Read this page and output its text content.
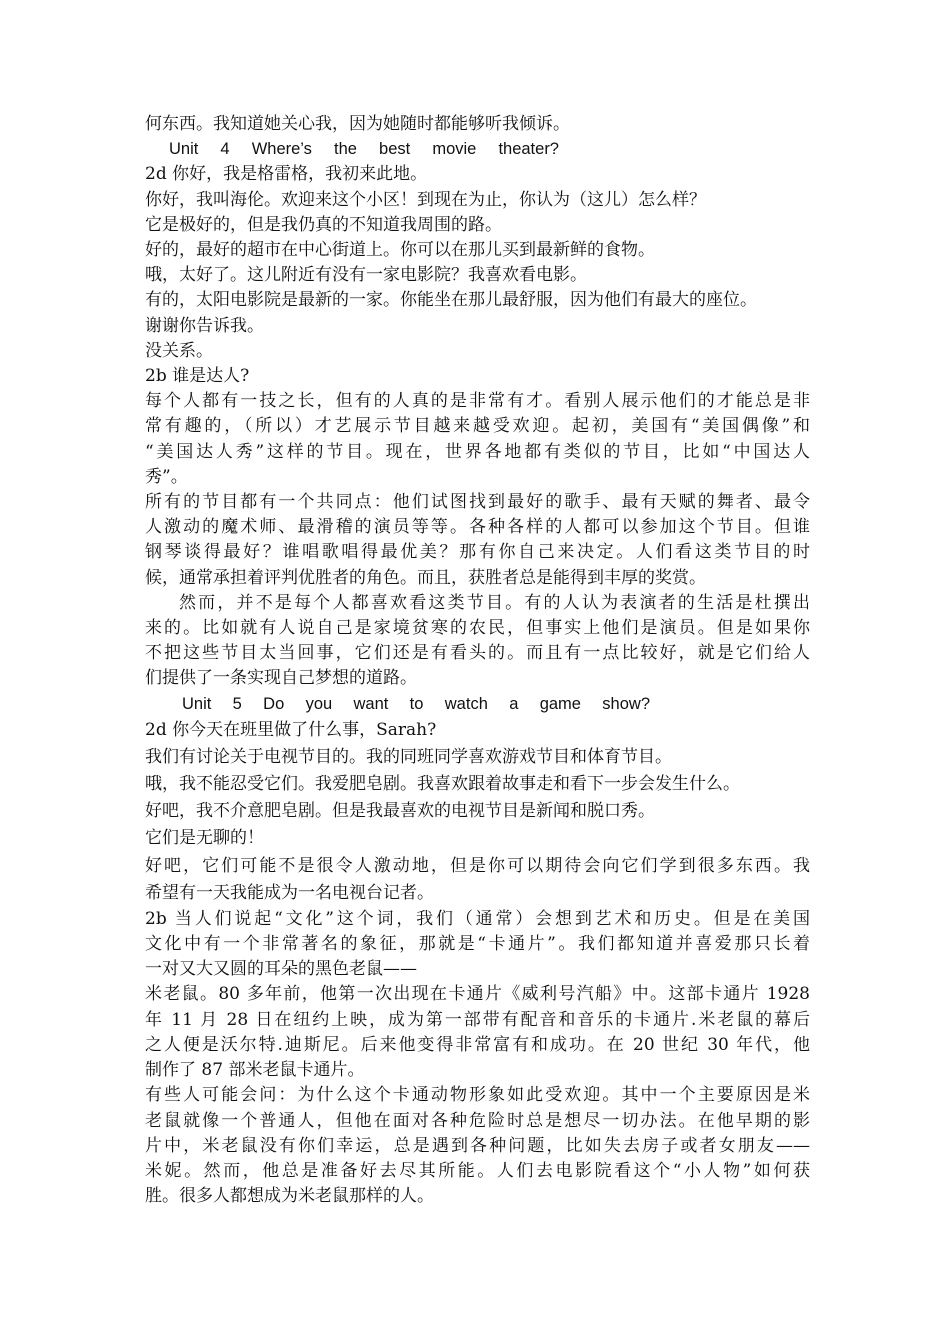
何东西。我知道她关心我，因为她随时都能够听我倾诉。
Unit 4 Where’s the best movie theater?
2d 你好，我是格雷格，我初来此地。
你好，我叫海伦。欢迎来这个小区！到现在为止，你认为（这儿）怎么样？
它是极好的，但是我仍真的不知道我周围的路。
好的，最好的超市在中心街道上。你可以在那儿买到最新鲜的食物。
哦，太好了。这儿附近有没有一家电影院？我喜欢看电影。
有的，太阳电影院是最新的一家。你能坐在那儿最舒服，因为他们有最大的座位。
谢谢你告诉我。
没关系。
2b 谁是达人?
每个人都有一技之长，但有的人真的是非常有才。看别人展示他们的才能总是非
常有趣的，（所以）才艺展示节目越来越受欢迎。起初，美国有“美国偶像”和
“美国达人秀”这样的节目。现在，世界各地都有类似的节目，比如“中国达人
秀”。
所有的节目都有一个共同点：他们试图找到最好的歌手、最有天赋的舞者、最令
人激动的魔术师、最滑稽的演员等等。各种各样的人都可以参加这个节目。但谁
钢琴谈得最好？谁唱歌唱得最优美？那有你自己来决定。人们看这类节目的时
候，通常承担着评判优胜者的角色。而且，获胜者总是能得到丰厚的奖赏。
然而，并不是每个人都喜欢看这类节目。有的人认为表演者的生活是杜撰出
来的。比如就有人说自己是家境贫寒的农民，但事实上他们是演员。但是如果你
不把这些节目太当回事，它们还是有看头的。而且有一点比较好，就是它们给人
们提供了一条实现自己梦想的道路。
Unit 5 Do you want to watch a game show?
2d 你今天在班里做了什么事，Sarah?
我们有讨论关于电视节目的。我的同班同学喜欢游戏节目和体育节目。
哦，我不能忍受它们。我爱肥皂剧。我喜欢跟着故事走和看下一步会发生什么。
好吧，我不介意肥皂剧。但是我最喜欢的电视节目是新闻和脱口秀。
它们是无聊的！
好吧，它们可能不是很令人激动地，但是你可以期待会向它们学到很多东西。我
希望有一天我能成为一名电视台记者。
2b 当人们说起“文化”这个词，我们（通常）会想到艺术和历史。但是在美国
文化中有一个非常著名的象征，那就是“卡通片”。我们都知道并喜爱那只长着
一对又大又圆的耳朵的黑色老鼠——
米老鼠。80 多年前，他第一次出现在卡通片《威利号汽船》中。这部卡通片 1928
年 11 月 28 日在纽约上映，成为第一部带有配音和音乐的卡通片.米老鼠的幕后
之人便是沃尔特.迪斯尼。后来他变得非常富有和成功。在 20 世纪 30 年代，他
制作了 87 部米老鼠卡通片。
有些人可能会问：为什么这个卡通动物形象如此受欢迎。其中一个主要原因是米
老鼠就像一个普通人，但他在面对各种危险时总是想尽一切办法。在他早期的影
片中，米老鼠没有你们幸运，总是遇到各种问题，比如失去房子或者女朋友——
米妮。然而，他总是准备好去尽其所能。人们去电影院看这个“小人物”如何获
胜。很多人都想成为米老鼠那样的人。
